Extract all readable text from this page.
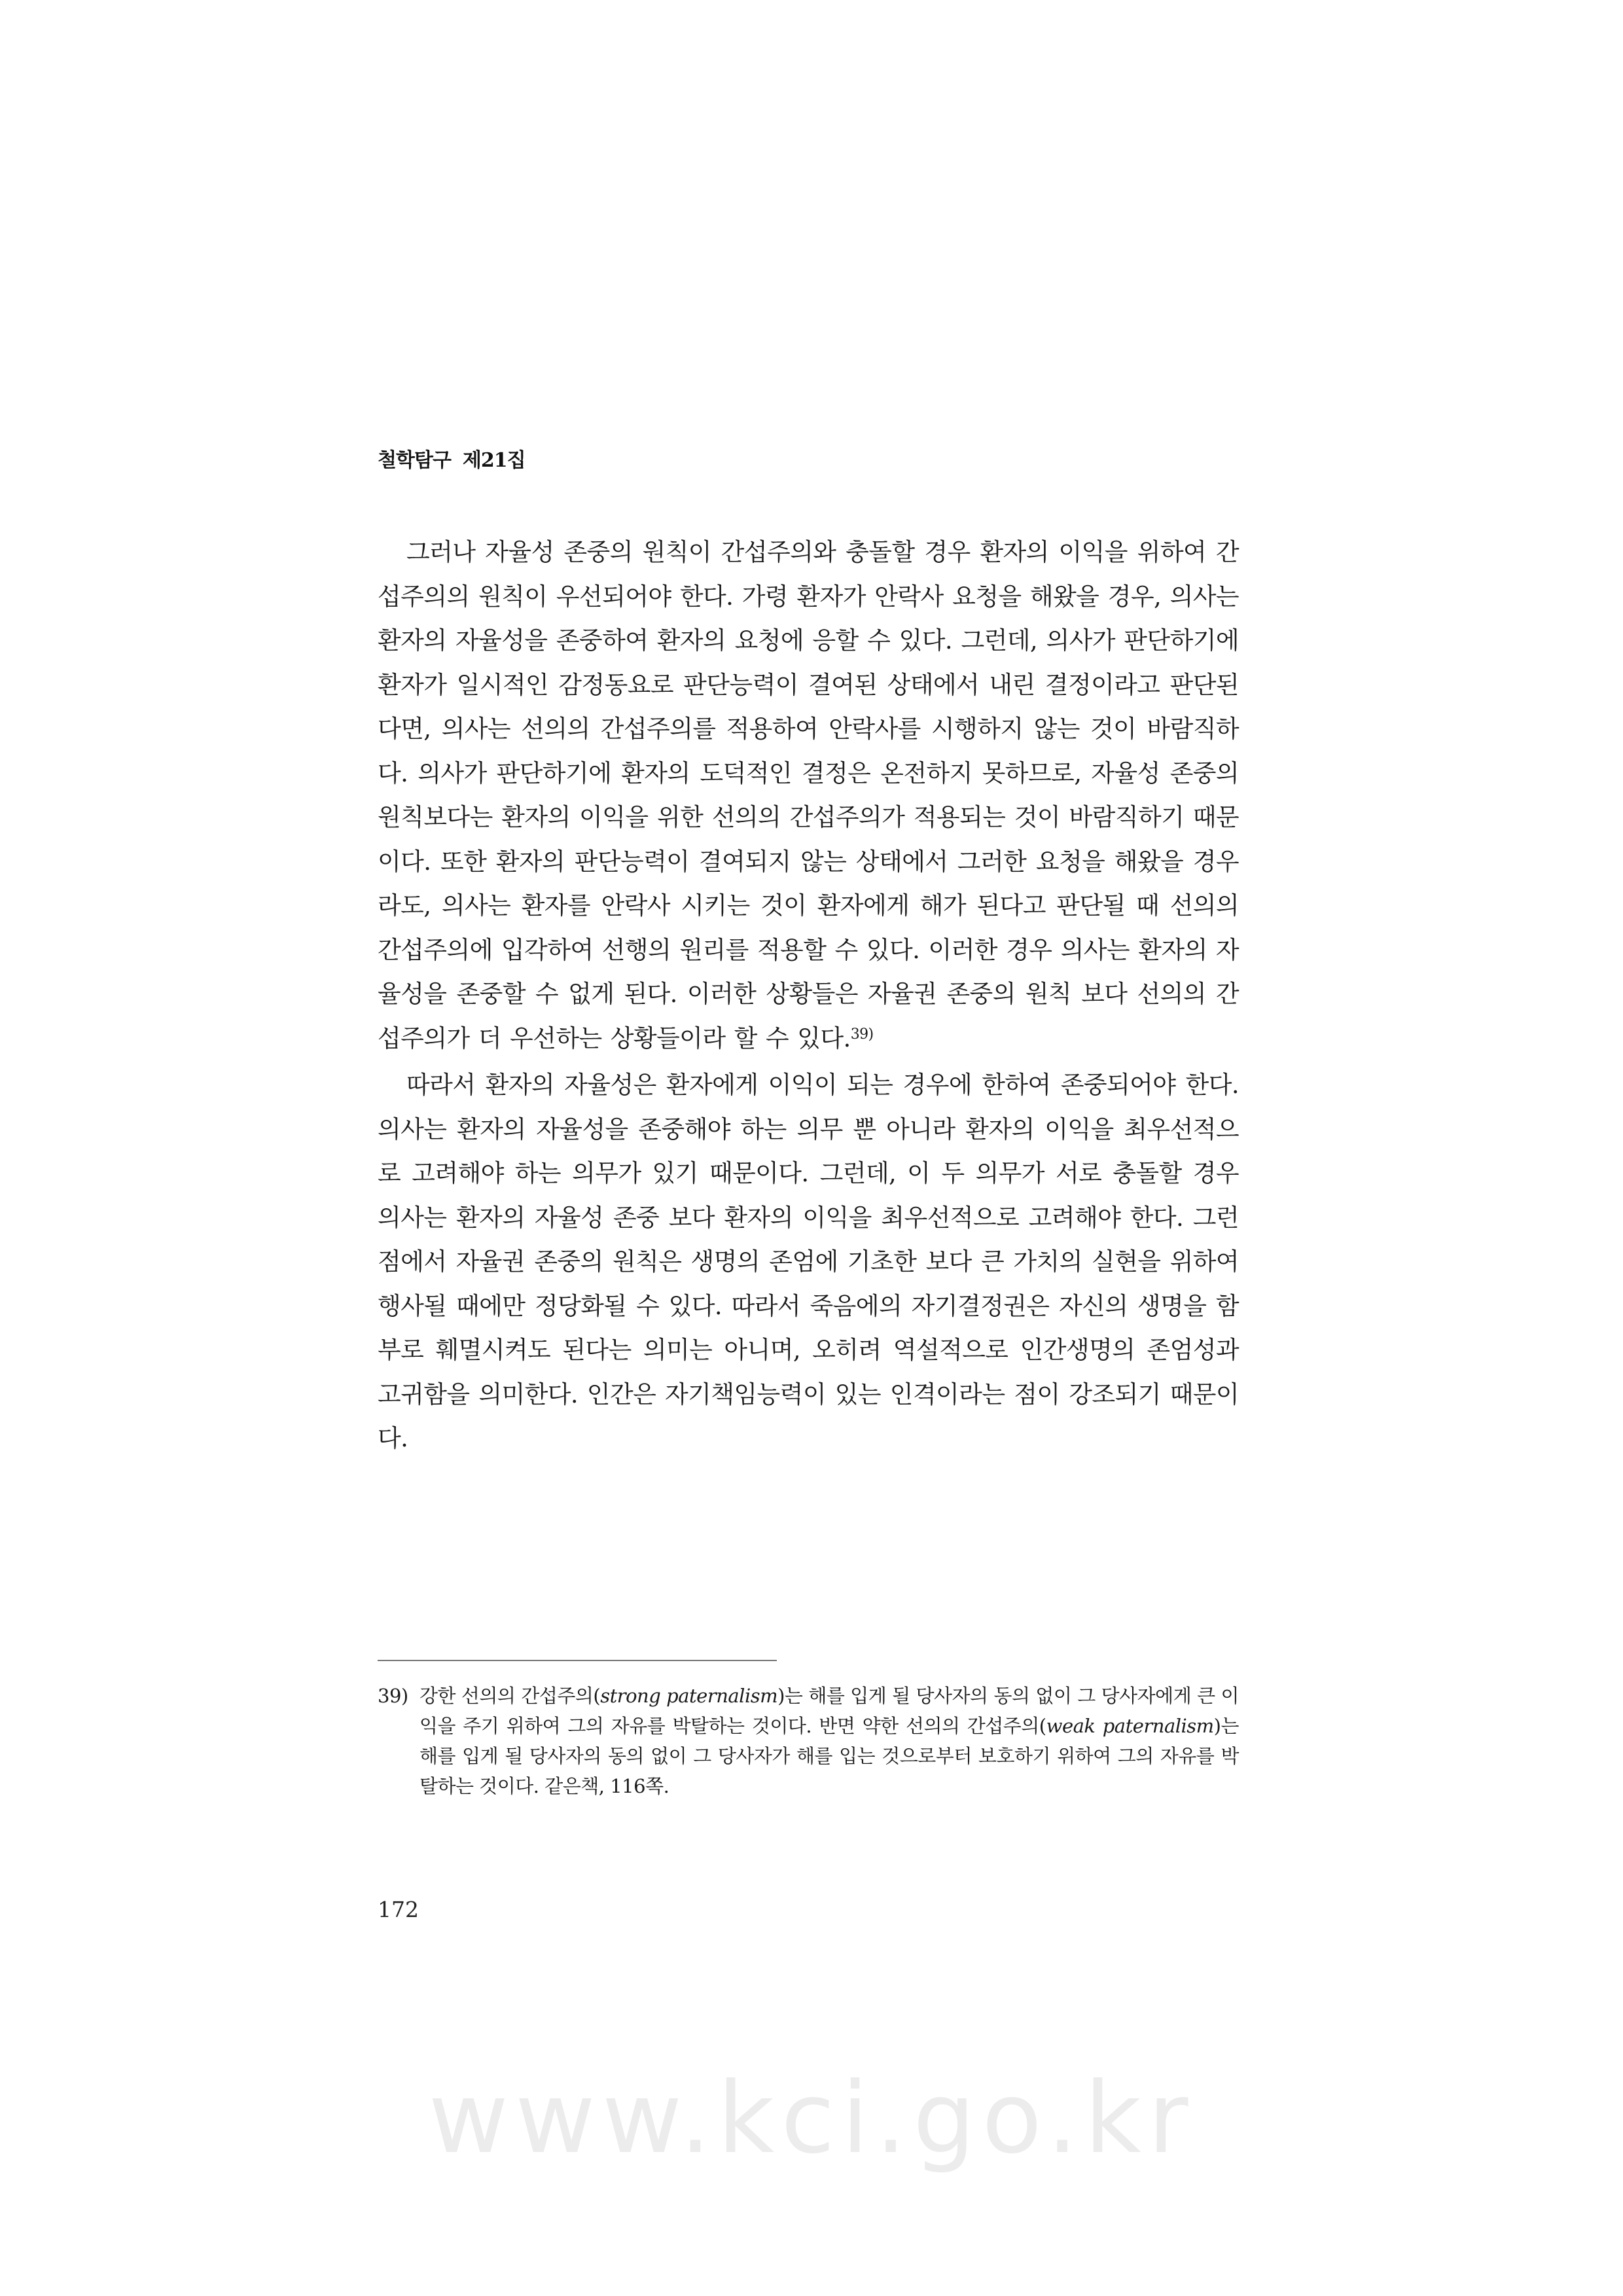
철학탐구 제21집

그러나 자율성 존중의 원칙이 간섭주의와 충돌할 경우 환자의 이익을 위하여 간섭주의의 원칙이 우선되어야 한다. 가령 환자가 안락사 요청을 해왔을 경우, 의사는 환자의 자율성을 존중하여 환자의 요청에 응할 수 있다. 그런데, 의사가 판단하기에 환자가 일시적인 감정동요로 판단능력이 결여된 상태에서 내린 결정이라고 판단된다면, 의사는 선의의 간섭주의를 적용하여 안락사를 시행하지 않는 것이 바람직하다. 의사가 판단하기에 환자의 도덕적인 결정은 온전하지 못하므로, 자율성 존중의 원칙보다는 환자의 이익을 위한 선의의 간섭주의가 적용되는 것이 바람직하기 때문이다. 또한 환자의 판단능력이 결여되지 않는 상태에서 그러한 요청을 해왔을 경우라도, 의사는 환자를 안락사 시키는 것이 환자에게 해가 된다고 판단될 때 선의의 간섭주의에 입각하여 선행의 원리를 적용할 수 있다. 이러한 경우 의사는 환자의 자율성을 존중할 수 없게 된다. 이러한 상황들은 자율권 존중의 원칙 보다 선의의 간섭주의가 더 우선하는 상황들이라 할 수 있다.$^{39)}$

따라서 환자의 자율성은 환자에게 이익이 되는 경우에 한하여 존중되어야 한다. 의사는 환자의 자율성을 존중해야 하는 의무 뿐 아니라 환자의 이익을 최우선적으로 고려해야 하는 의무가 있기 때문이다. 그런데, 이 두 의무가 서로 충돌할 경우 의사는 환자의 자율성 존중 보다 환자의 이익을 최우선적으로 고려해야 한다. 그런 점에서 자율권 존중의 원칙은 생명의 존엄에 기초한 보다 큰 가치의 실현을 위하여 행사될 때에만 정당화될 수 있다. 따라서 죽음에의 자기결정권은 자신의 생명을 함부로 훼멸시켜도 된다는 의미는 아니며, 오히려 역설적으로 인간생명의 존엄성과 고귀함을 의미한다. 인간은 자기책임능력이 있는 인격이라는 점이 강조되기 때문이다.

39) 강한 선의의 간섭주의(strong paternalism)는 해를 입게 될 당사자의 동의 없이 그 당사자에게 큰 이익을 주기 위하여 그의 자유를 박탈하는 것이다. 반면 약한 선의의 간섭주의(weak paternalism)는 해를 입게 될 당사자의 동의 없이 그 당사자가 해를 입는 것으로부터 보호하기 위하여 그의 자유를 박탈하는 것이다. 같은책, 116쪽.

172
www.kci.go.kr
